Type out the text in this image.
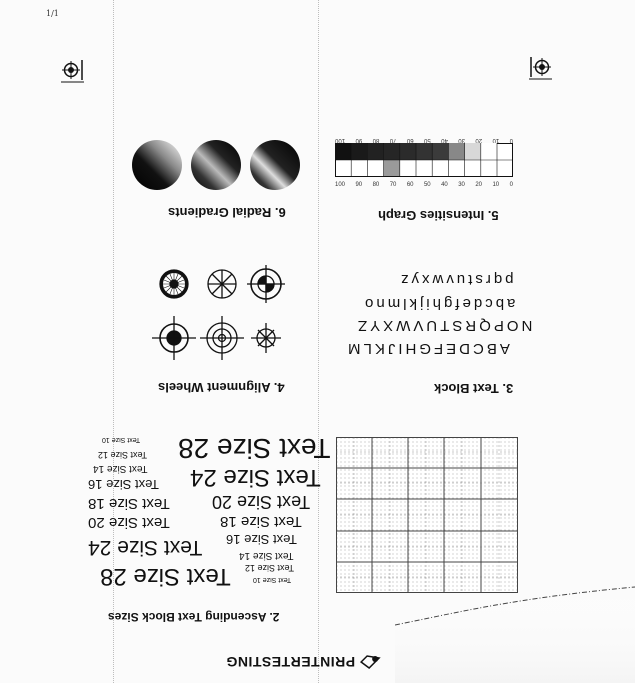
1/1
6. Radial Gradients
4. Alignment Wheels
Text Size 28
Text Size 24
Text Size 20
Text Size 18
Text Size 16
Text Size 14
Text Size 12
Text Size 10
Text Size 10
Text Size 12
Text Size 14
Text Size 16
Text Size 18
Text Size 20
Text Size 24
Text Size 28
2. Ascending Text Block Sizes
PRINTERTESTING
0
10
20
30
40
50
60
70
80
90
100
100 90 80 70 60 50 40 30 20 10 0
5. Intensities Graph
pqrstuvwxyz
abcdefghijklmno
NOPQRSTUVWXYZ
ABCDEFGHIJKLM
3. Text Block
